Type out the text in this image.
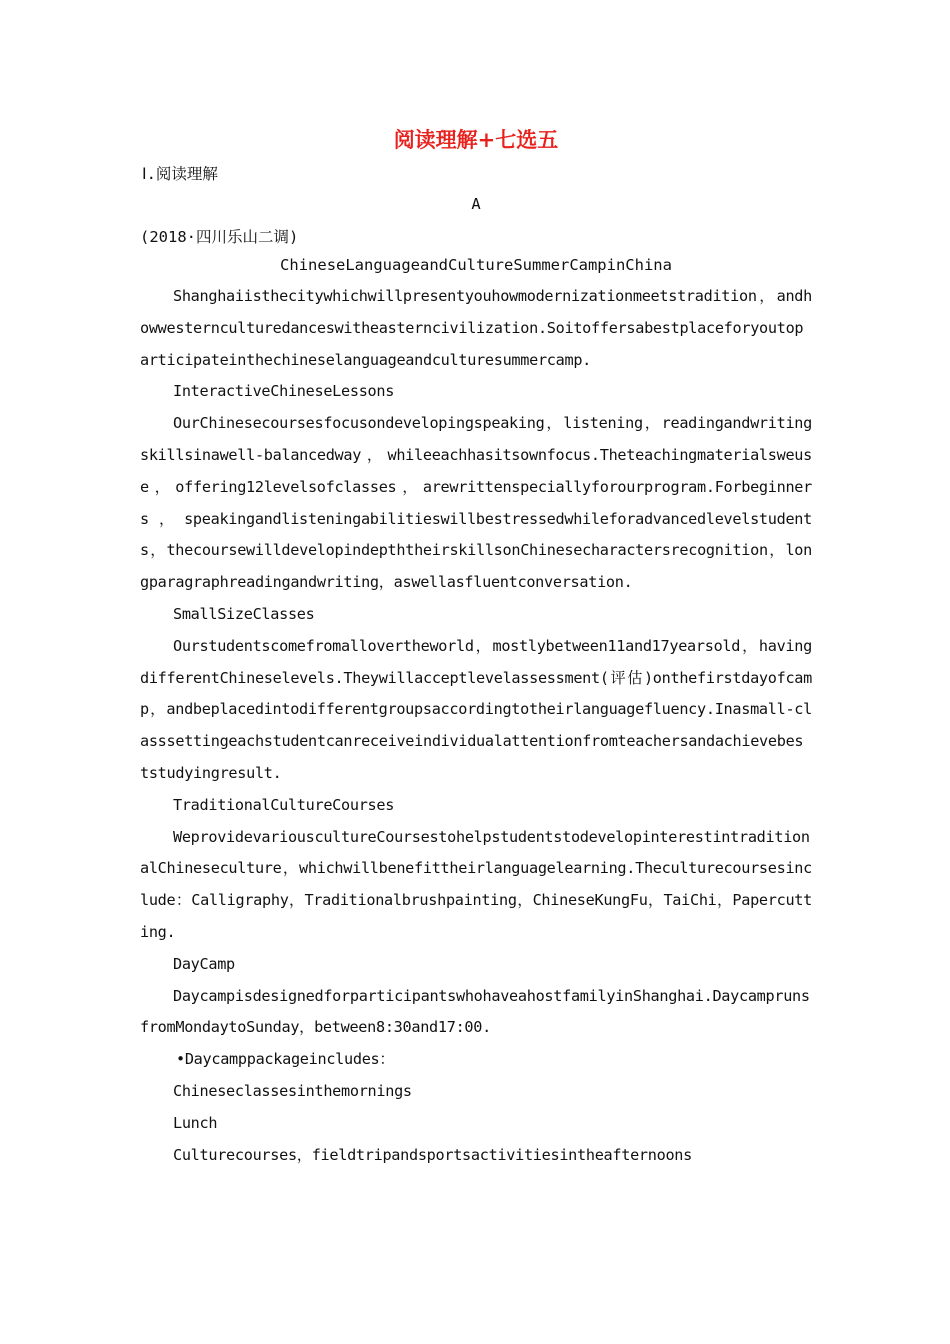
阅读理解+七选五
Ⅰ.阅读理解
A
(2018·四川乐山二调)
ChineseLanguageandCultureSummerCampinChina

Shanghaiisthecitywhichwillpresentyouhowmodernizationmeetstradition，andhowwesternculturedanceswitheasterncivilization.Soitoffersabestplaceforyoutoparticipateinthechineselanguageandculturesummercamp.

InteractiveChineseLessons

OurChinesecoursesfocusondevelopingspeaking，listening，readingandwritingskillsinawell-balancedway，whileeachhasitsownfocus.Theteachingmaterialsweuse，offering12levelsofclasses，arewrittenspeciallyforourprogram.Forbeginners，speakingandlisteningabilitieswillbestressedwhileforadvancedlevelstudents，thecoursewilldevelopindepththeirskillsonChinesecharactersrecognition，longparagraphreadingandwriting，aswellasfluentconversation.

SmallSizeClasses

Ourstudentscomefromallovertheworld，mostlybetween11and17yearsold，havingdifferentChineselevels.Theywillacceptlevelassessment(评估)onthefirstdayofcamp，andbeplacedintodifferentgroupsaccordingtotheirlanguagefluency.Inasmall-classsettingeachstudentcanreceiveindividualattentionfromteachersandachievebeststudyingresult.

TraditionalCultureCourses

WeprovidevariouscultureCoursestohelpstudentstodevelopinterestintraditionalChineseculture，whichwillbenefittheirlanguagelearning.Theculturecoursesinclude：Calligraphy，Traditionalbrushpainting，ChineseKungFu，TaiChi，Papercutting.

DayCamp

DaycampisdesignedforparticipantswhohaveahostfamilyinShanghai.DaycamprunsfromMondaytoSunday，between8:30and17:00.

•Daycamppackageincludes：

Chineseclassesinthemornings

Lunch

Culturecourses，fieldtripandsportsactivitiesintheafternoons
